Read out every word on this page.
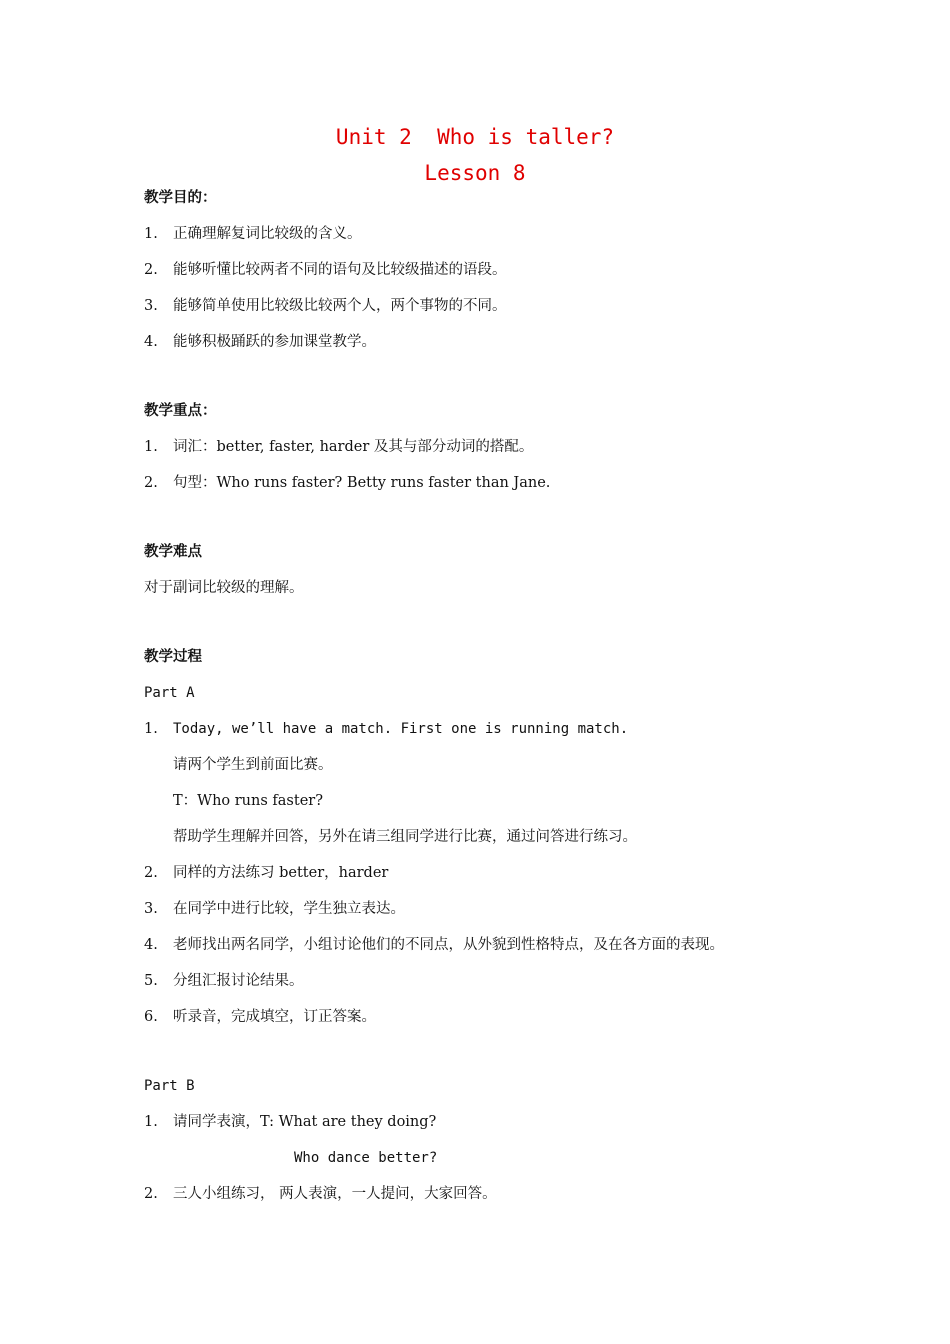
Unit 2  Who is taller?
Lesson 8
教学目的：
1. 正确理解复词比较级的含义。
2. 能够听懂比较两者不同的语句及比较级描述的语段。
3. 能够简单使用比较级比较两个人，两个事物的不同。
4. 能够积极踊跃的参加课堂教学。
教学重点：
1. 词汇：better, faster, harder 及其与部分动词的搭配。
2. 句型：Who runs faster? Betty runs faster than Jane.
教学难点
对于副词比较级的理解。
教学过程
Part A
1. Today, we’ll have a match. First one is running match.
请两个学生到前面比赛。
T：Who runs faster?
帮助学生理解并回答，另外在请三组同学进行比赛，通过问答进行练习。
2. 同样的方法练习 better，harder
3. 在同学中进行比较，学生独立表达。
4. 老师找出两名同学，小组讨论他们的不同点，从外貌到性格特点，及在各方面的表现。
5. 分组汇报讨论结果。
6. 听录音，完成填空，订正答案。
Part B
1. 请同学表演，T: What are they doing?
Who dance better?
2. 三人小组练习， 两人表演，一人提问，大家回答。
